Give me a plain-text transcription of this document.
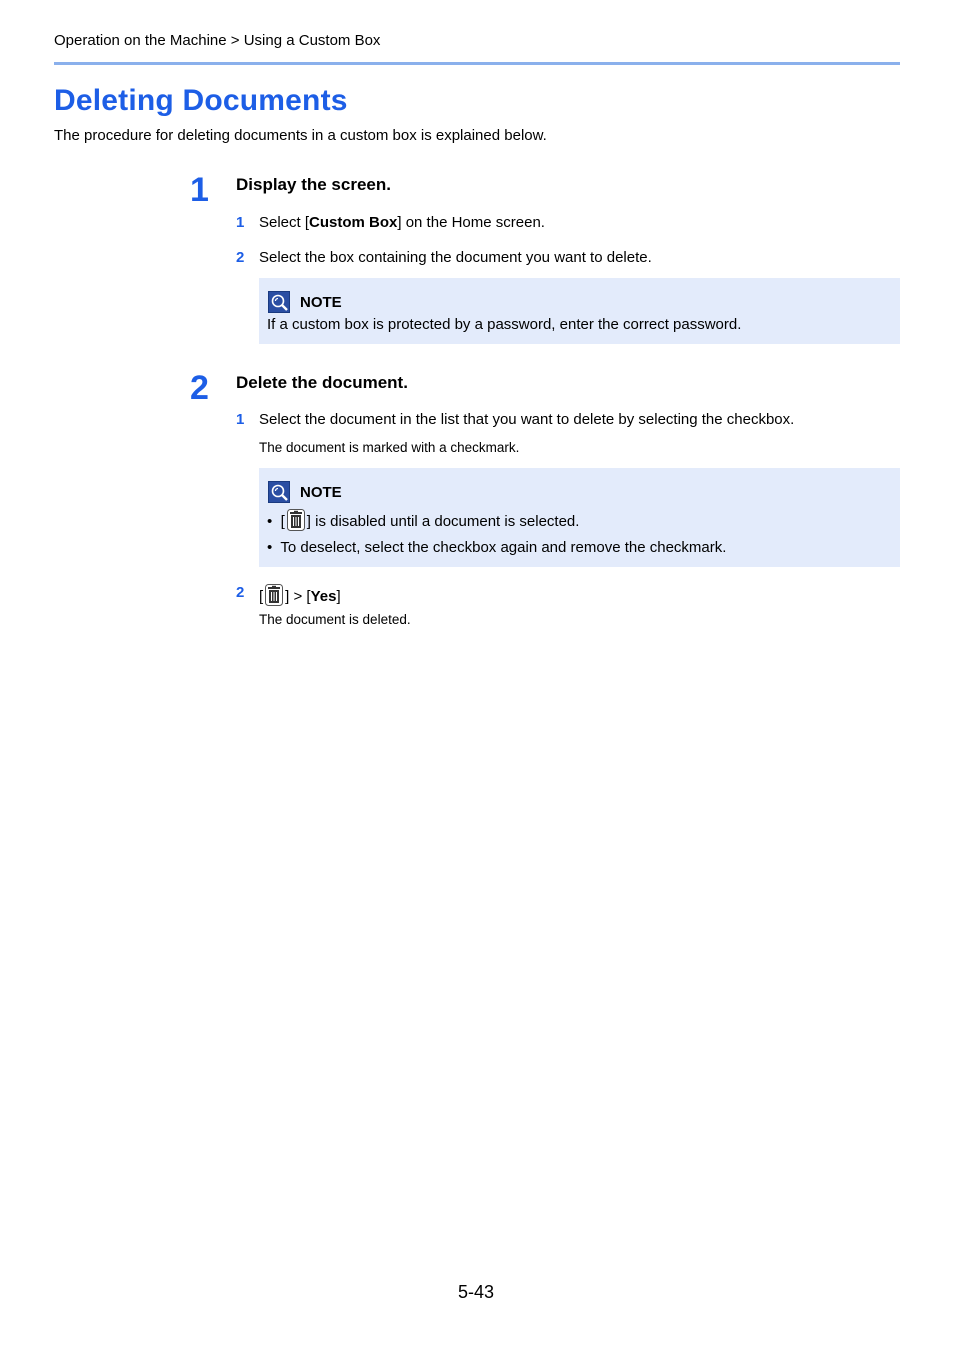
Operation on the Machine > Using a Custom Box
Deleting Documents
The procedure for deleting documents in a custom box is explained below.
1 Display the screen.
1 Select [Custom Box] on the Home screen.
2 Select the box containing the document you want to delete.
NOTE
If a custom box is protected by a password, enter the correct password.
2 Delete the document.
1 Select the document in the list that you want to delete by selecting the checkbox.
The document is marked with a checkmark.
NOTE
• [ ] is disabled until a document is selected.
• To deselect, select the checkbox again and remove the checkmark.
2 [ ] > [Yes]
The document is deleted.
5-43
